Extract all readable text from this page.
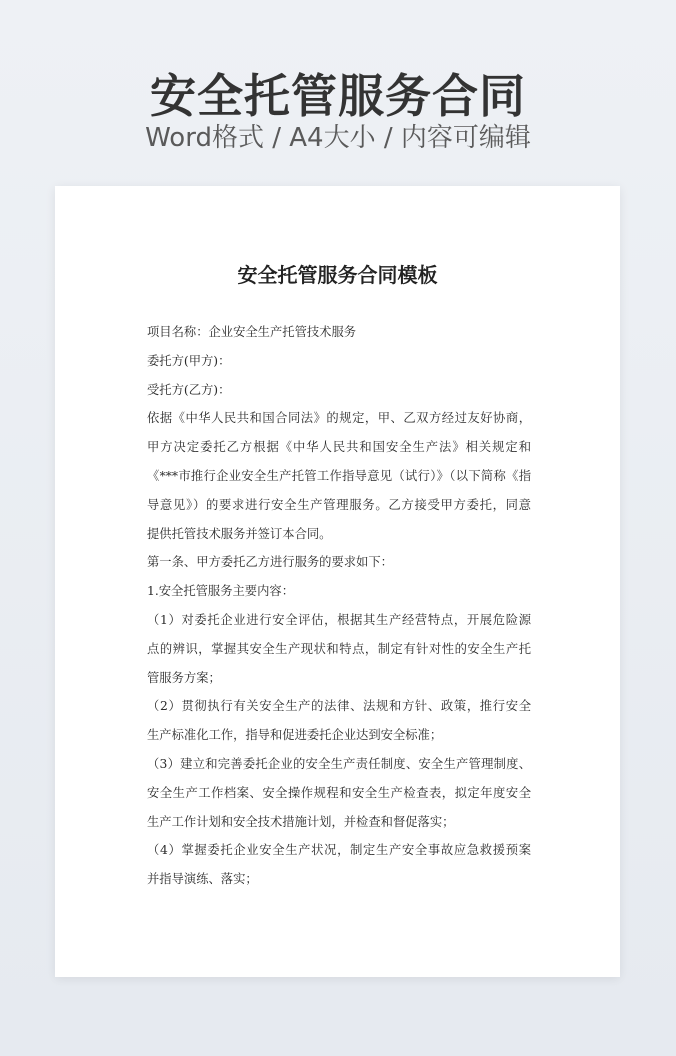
安全托管服务合同
Word格式 / A4大小 / 内容可编辑
安全托管服务合同模板
项目名称：企业安全生产托管技术服务
委托方(甲方)：
受托方(乙方)：
依据《中华人民共和国合同法》的规定，甲、乙双方经过友好协商，
甲方决定委托乙方根据《中华人民共和国安全生产法》相关规定和
《***市推行企业安全生产托管工作指导意见（试行）》（以下简称《指
导意见》）的要求进行安全生产管理服务。乙方接受甲方委托，同意
提供托管技术服务并签订本合同。
第一条、甲方委托乙方进行服务的要求如下：
1.安全托管服务主要内容：
（1）对委托企业进行安全评估，根据其生产经营特点，开展危险源
点的辨识，掌握其安全生产现状和特点，制定有针对性的安全生产托
管服务方案；
（2）贯彻执行有关安全生产的法律、法规和方针、政策，推行安全
生产标准化工作，指导和促进委托企业达到安全标准；
（3）建立和完善委托企业的安全生产责任制度、安全生产管理制度、
安全生产工作档案、安全操作规程和安全生产检查表，拟定年度安全
生产工作计划和安全技术措施计划，并检查和督促落实；
（4）掌握委托企业安全生产状况，制定生产安全事故应急救援预案
并指导演练、落实；
